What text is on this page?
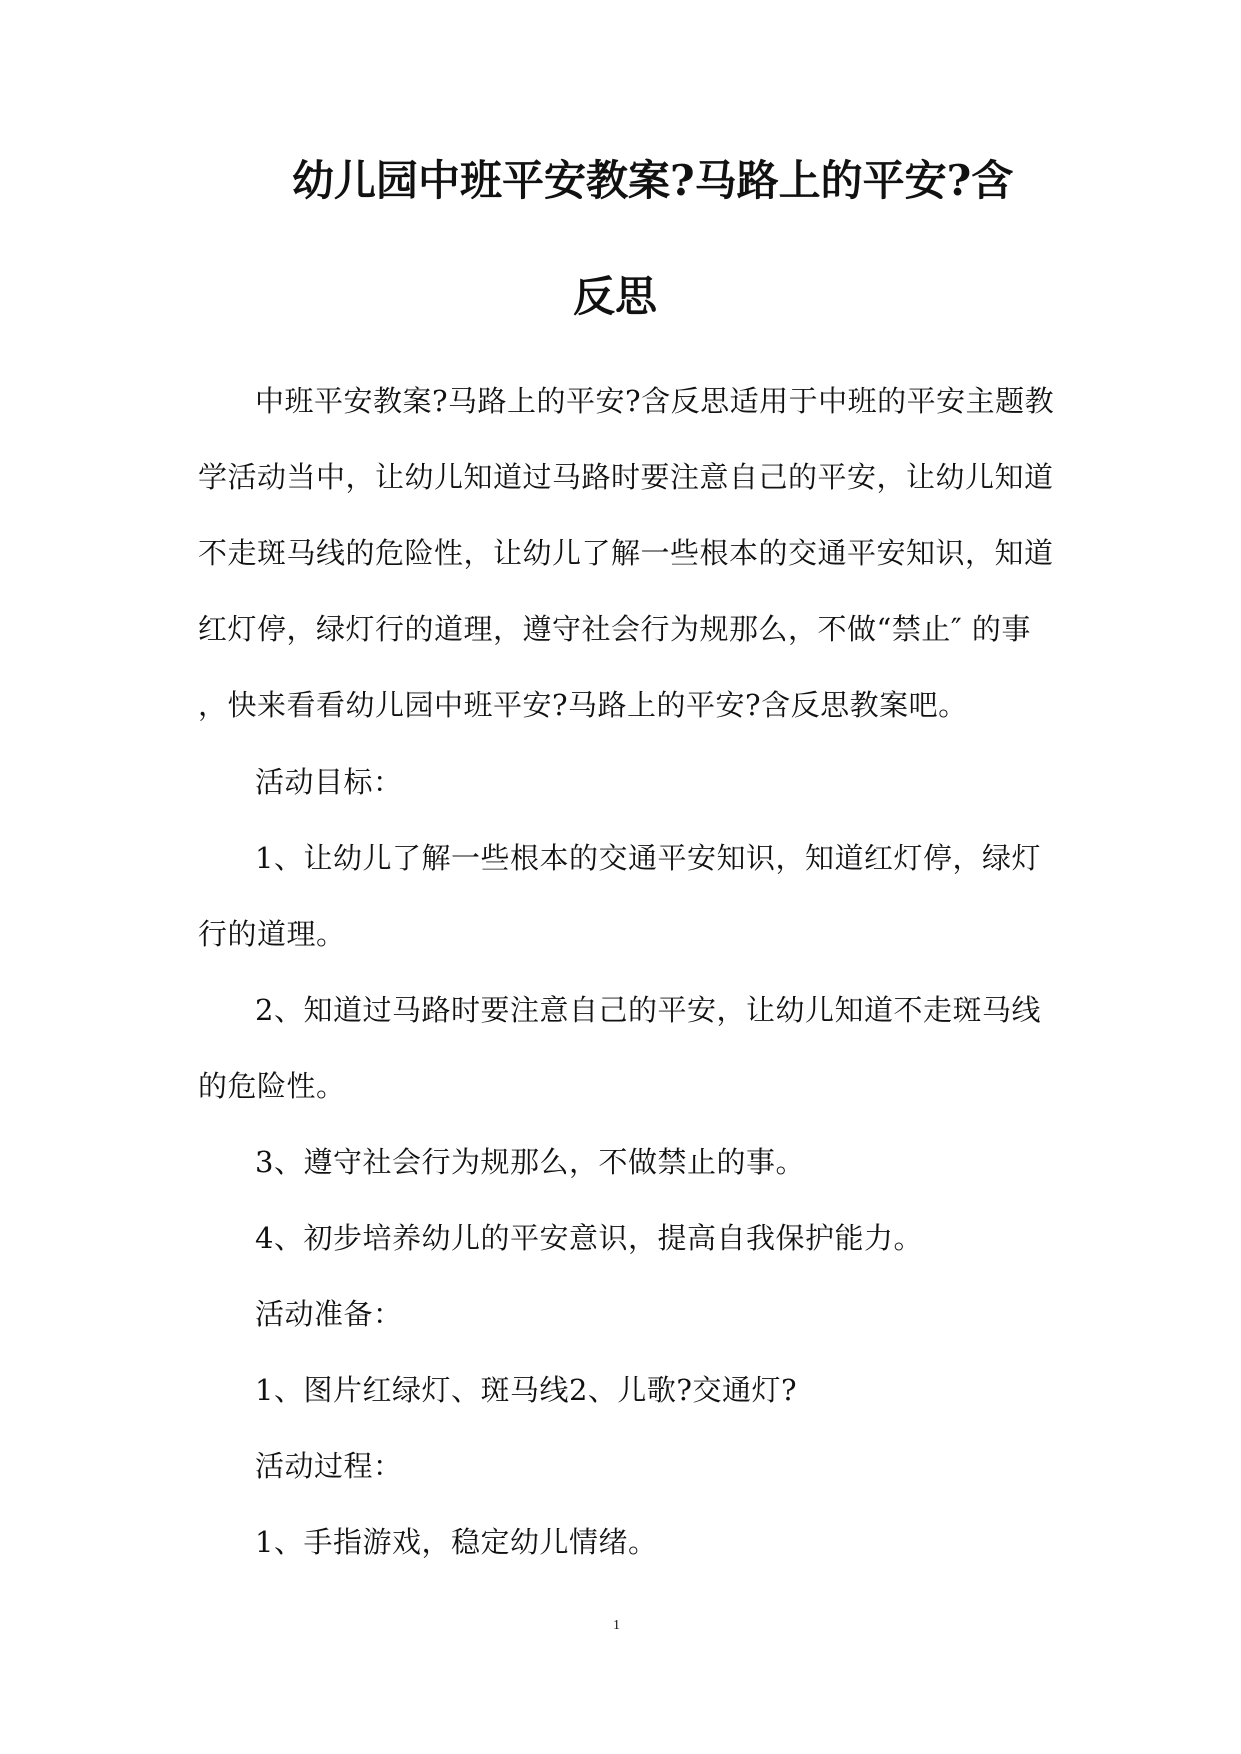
幼儿园中班平安教案?马路上的平安?含
反思
中班平安教案?马路上的平安?含反思适用于中班的平安主题教
学活动当中，让幼儿知道过马路时要注意自己的平安，让幼儿知道
不走斑马线的危险性，让幼儿了解一些根本的交通平安知识，知道
红灯停，绿灯行的道理，遵守社会行为规那么，不做“禁止″ 的事
，快来看看幼儿园中班平安?马路上的平安?含反思教案吧。
活动目标：
1、让幼儿了解一些根本的交通平安知识，知道红灯停，绿灯
行的道理。
2、知道过马路时要注意自己的平安，让幼儿知道不走斑马线
的危险性。
3、遵守社会行为规那么，不做禁止的事。
4、初步培养幼儿的平安意识，提高自我保护能力。
活动准备：
1、图片红绿灯、斑马线2、儿歌?交通灯?
活动过程：
1、手指游戏，稳定幼儿情绪。
1
